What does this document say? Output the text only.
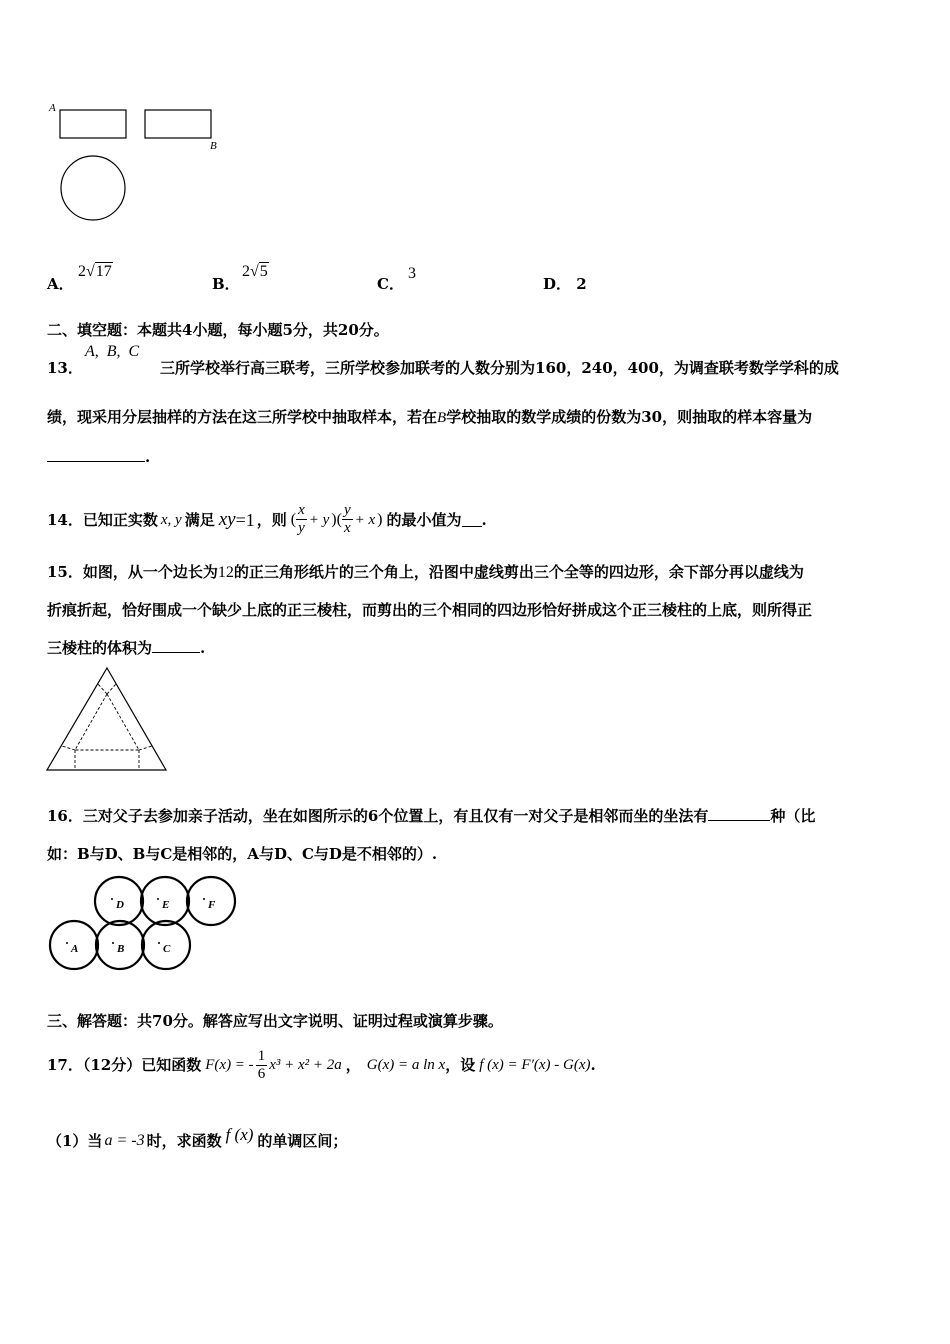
A
B
A．
2√17
B．
2√5
C．
3
D． 2
二、填空题：本题共4小题，每小题5分，共20分。
13．
A,  B,  C
三所学校举行高三联考，三所学校参加联考的人数分别为160，240，400，为调查联考数学学科的成
绩，现采用分层抽样的方法在这三所学校中抽取样本，若在B学校抽取的数学成绩的份数为30，则抽取的样本容量为
.
14．已知正实数 x, y 满足 xy =1 ，则 ( $\frac{x}{y} + y$ )( $\frac{y}{x} + x$ ) 的最小值为 .
15．如图，从一个边长为12的正三角形纸片的三个角上，沿图中虚线剪出三个全等的四边形，余下部分再以虚线为
折痕折起，恰好围成一个缺少上底的正三棱柱，而剪出的三个相同的四边形恰好拼成这个正三棱柱的上底，则所得正
三棱柱的体积为	.
16．三对父子去参加亲子活动，坐在如图所示的6个位置上，有且仅有一对父子是相邻而坐的坐法有	种（比
如：B与D、B与C是相邻的，A与D、C与D是不相邻的）.
D	E	F
A	B	C
三、解答题：共70分。解答应写出文字说明、证明过程或演算步骤。
17．（12分）已知函数 F(x) = - $\frac{1}{6} x^3 + x^2 + 2a$ ， G(x) = a ln x ，设 f (x) = F′(x) - G(x) .
（1）当 a = -3 时，求函数 f (x) 的单调区间；
